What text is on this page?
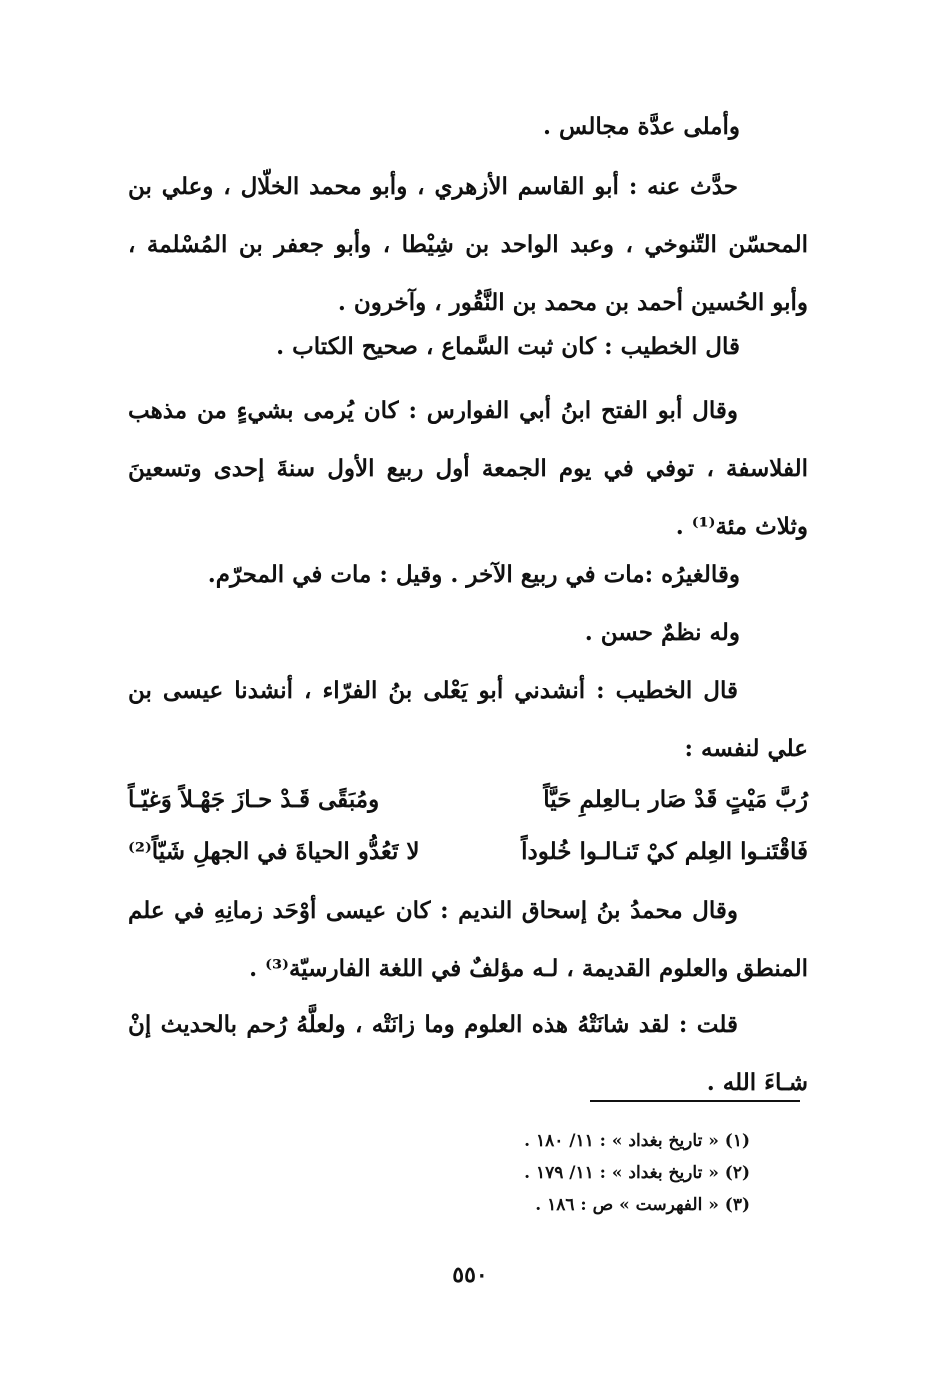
وأملى عدَّة مجالس .

حدَّث عنه : أبو القاسم الأزهري ، وأبو محمد الخلّال ، وعلي بن المحسّن التّنوخي ، وعبد الواحد بن شِيْطا ، وأبو جعفر بن المُسْلمة ، وأبو الحُسين أحمد بن محمد بن النَّقُور ، وآخرون .

قال الخطيب : كان ثبت السَّماع ، صحيح الكتاب .

وقال أبو الفتح ابنُ أبي الفوارس : كان يُرمى بشيءٍ من مذهب الفلاسفة ، توفي في يوم الجمعة أول ربيع الأول سنةَ إحدى وتسعينَ وثلاث مئة⁽¹⁾ .

وقالغيرُه :مات في ربيع الآخر . وقيل : مات في المحرّم.
وله نظمٌ حسن .

قال الخطيب : أنشدني أبو يَعْلى بنُ الفرّاء ، أنشدنا عيسى بن علي لنفسه :

رُبَّ مَيْتٍ قَدْ صَار بـالعِلمِ حَيَّاً
ومُبَقًى قَـدْ حـازَ جَهْـلاً وَغيّـاً
فَاقْتَنـوا العِلم كيْ تَنـالـوا خُلوداً
لا تَعُدُّو الحياةَ في الجهلِ شَيّاً⁽²⁾

وقال محمدُ بنُ إسحاق النديم : كان عيسى أوْحَد زمانِهِ في علم المنطق والعلوم القديمة ، لـه مؤلفٌ في اللغة الفارسيّة⁽³⁾ .

قلت : لقد شانَتْهُ هذه العلوم وما زانَتْه ، ولعلَّهُ رُحم بالحديث إنْ شـاءَ الله .

(١) « تاريخ بغداد » : ١١/ ١٨٠ .
(٢) « تاريخ بغداد » : ١١/ ١٧٩ .
(٣) « الفهرست » ص : ١٨٦ .
٥٥٠
